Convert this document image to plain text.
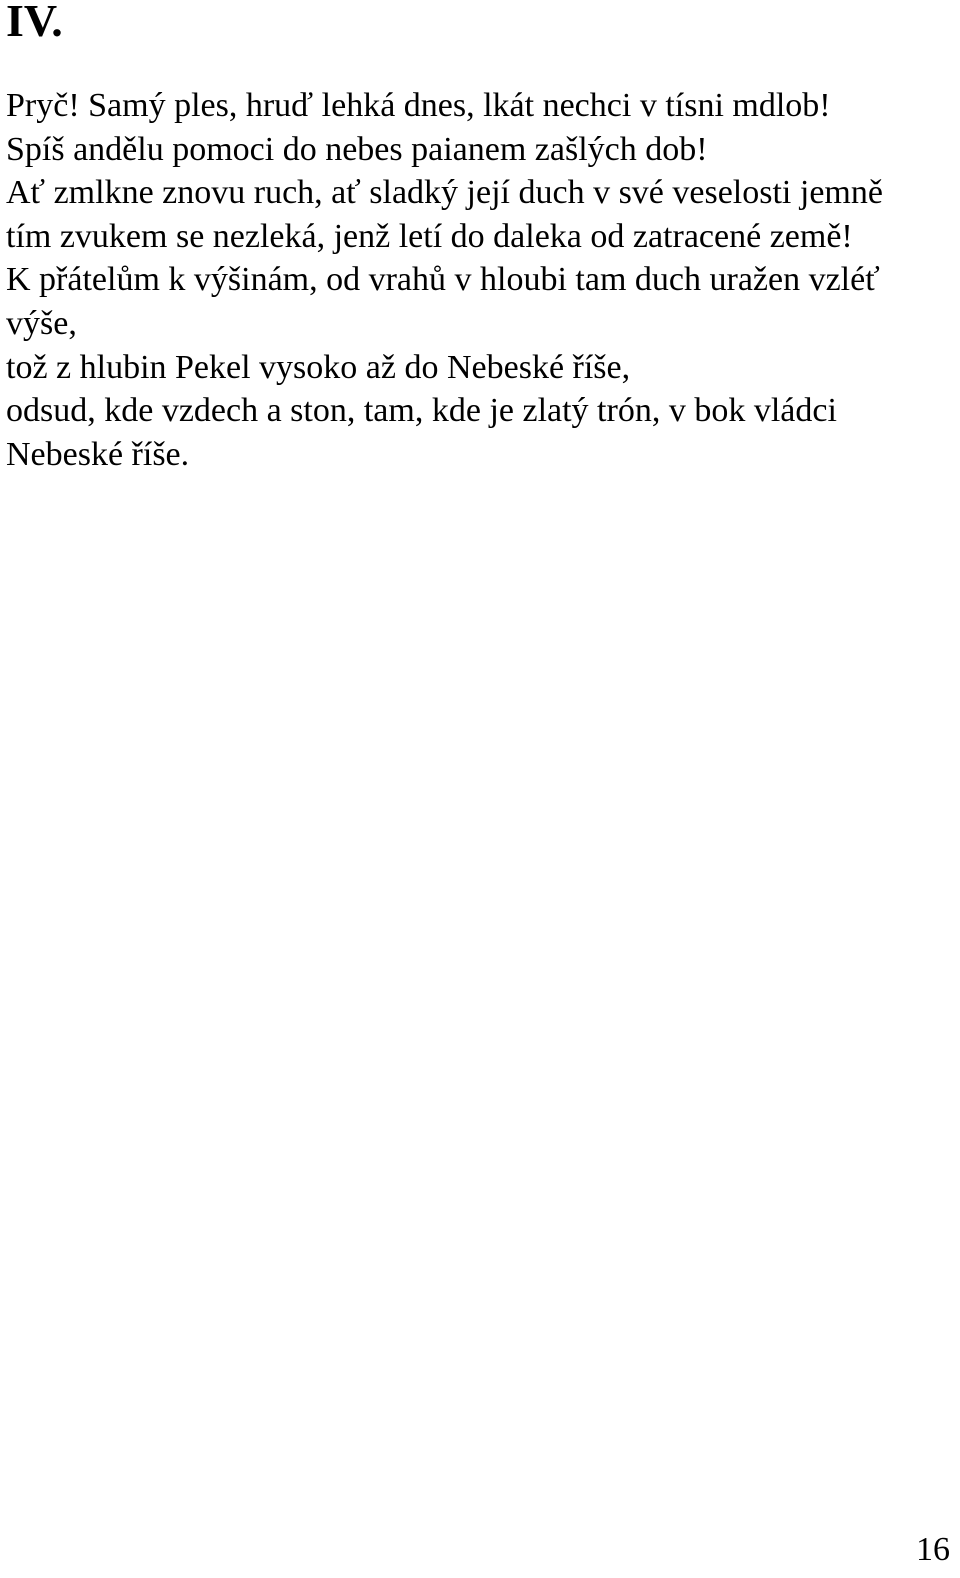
IV.
Pryč! Samý ples, hruď lehká dnes, lkát nechci v tísni mdlob!
Spíš andělu pomoci do nebes paianem zašlých dob!
Ať zmlkne znovu ruch, ať sladký její duch v své veselosti jemně
tím zvukem se nezleká, jenž letí do daleka od zatracené země!
K přátelům k výšinám, od vrahů v hloubi tam duch uražen vzléť výše,
tož z hlubin Pekel vysoko až do Nebeské říše,
odsud, kde vzdech a ston, tam, kde je zlatý trón, v bok vládci Nebeské říše.
16
